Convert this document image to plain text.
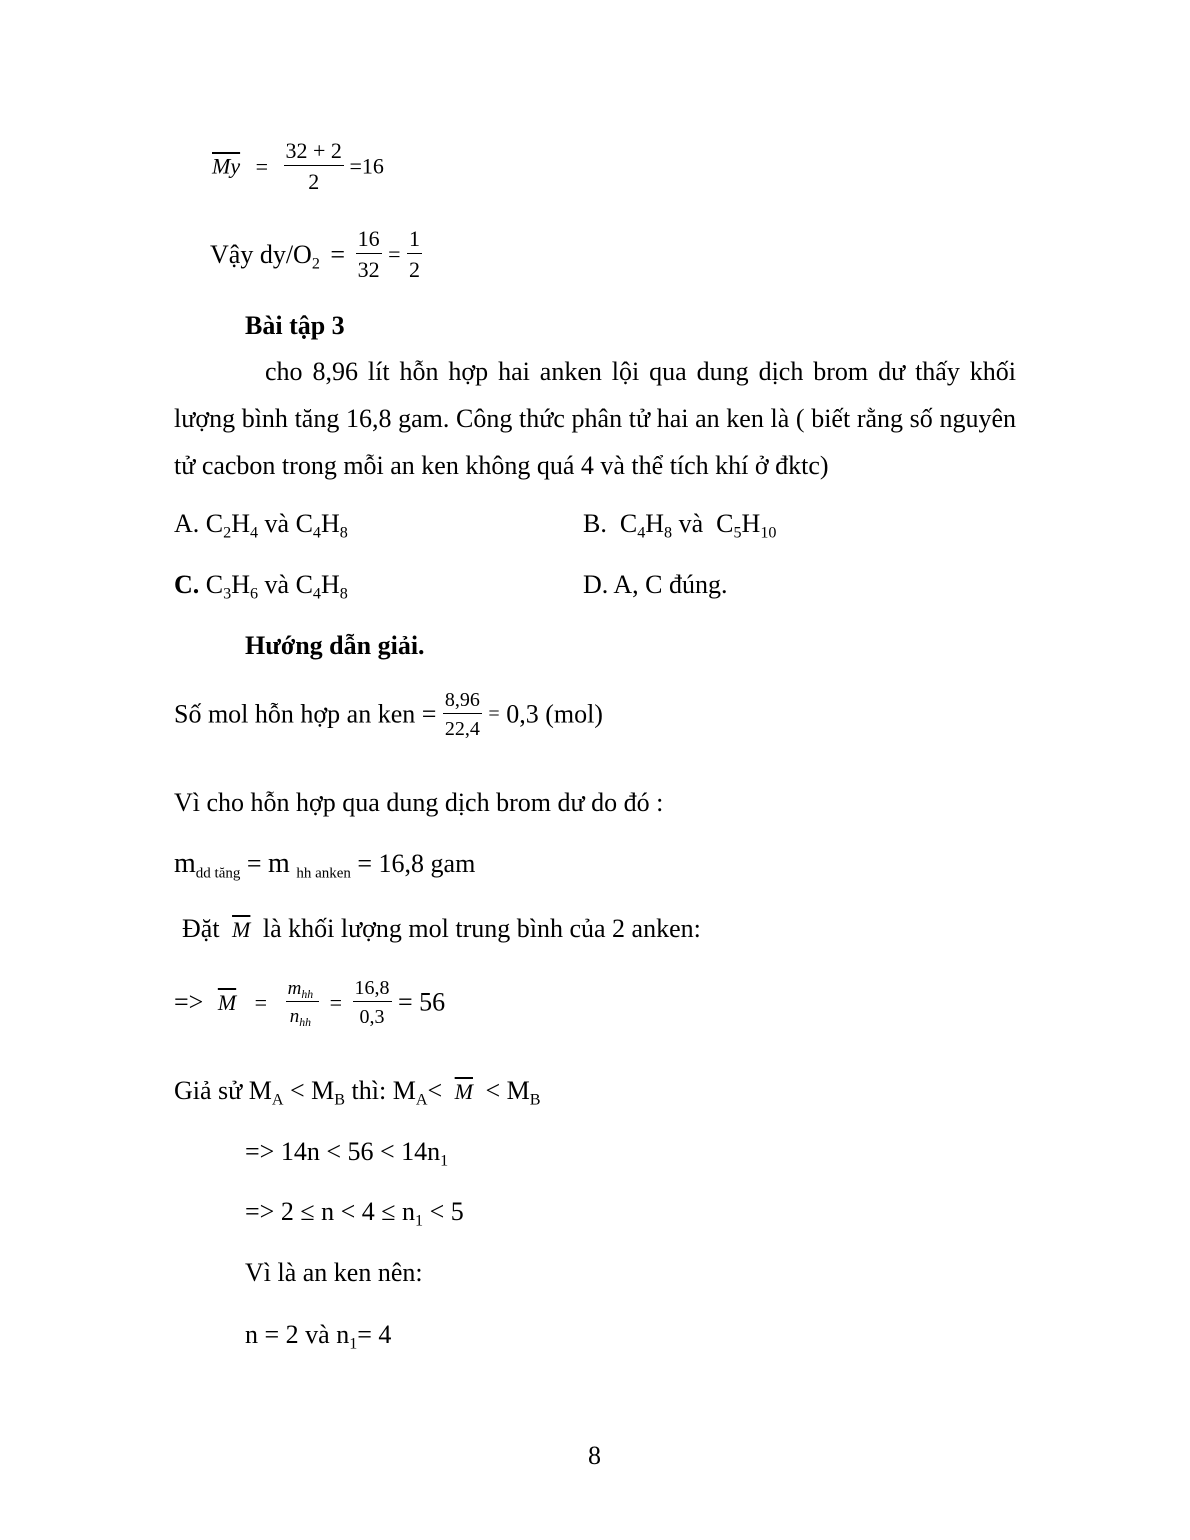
$\overline{My} = \frac{32 + 2}{2} =16$
Vậy $dy/O_2 = \frac{16}{32} = \frac{1}{2}$
Bài tập 3
cho 8,96 lít hỗn hợp hai anken lội qua dung dịch brom dư thấy khối lượng bình tăng 16,8 gam. Công thức phân tử hai an ken là ( biết rằng số nguyên tử cacbon trong mỗi an ken không quá 4 và thể tích khí ở đktc)
A. $C_2H_4$ và $C_4H_8$	B. $C_4H_8$ và $C_5H_{10}$
C. $C_3H_6$ và $C_4H_8$	D. A, C đúng.
Hướng dẫn giải.
Số mol hỗn hợp an ken = $\frac{8,96}{22,4} = 0,3$ (mol)
Vì cho hỗn hợp qua dung dịch brom dư do đó :
$m_{dd tăng} = m$ $_{hh anken}$ = 16,8 gam
Đặt $\overline{M}$ là khối lượng mol trung bình của 2 anken:
=> $\overline{M} = \frac{m_{hh}}{n_{hh}} = \frac{16,8}{0,3} = 56$
Giả sử $M_A < M_B$ thì: $M_A< \overline{M} < M_B$
=> $14n < 56 < 14n_1$
=> $2 \le n < 4 \le n_1 < 5$
Vì là an ken nên:
n = 2 và $n_1= 4$
8
